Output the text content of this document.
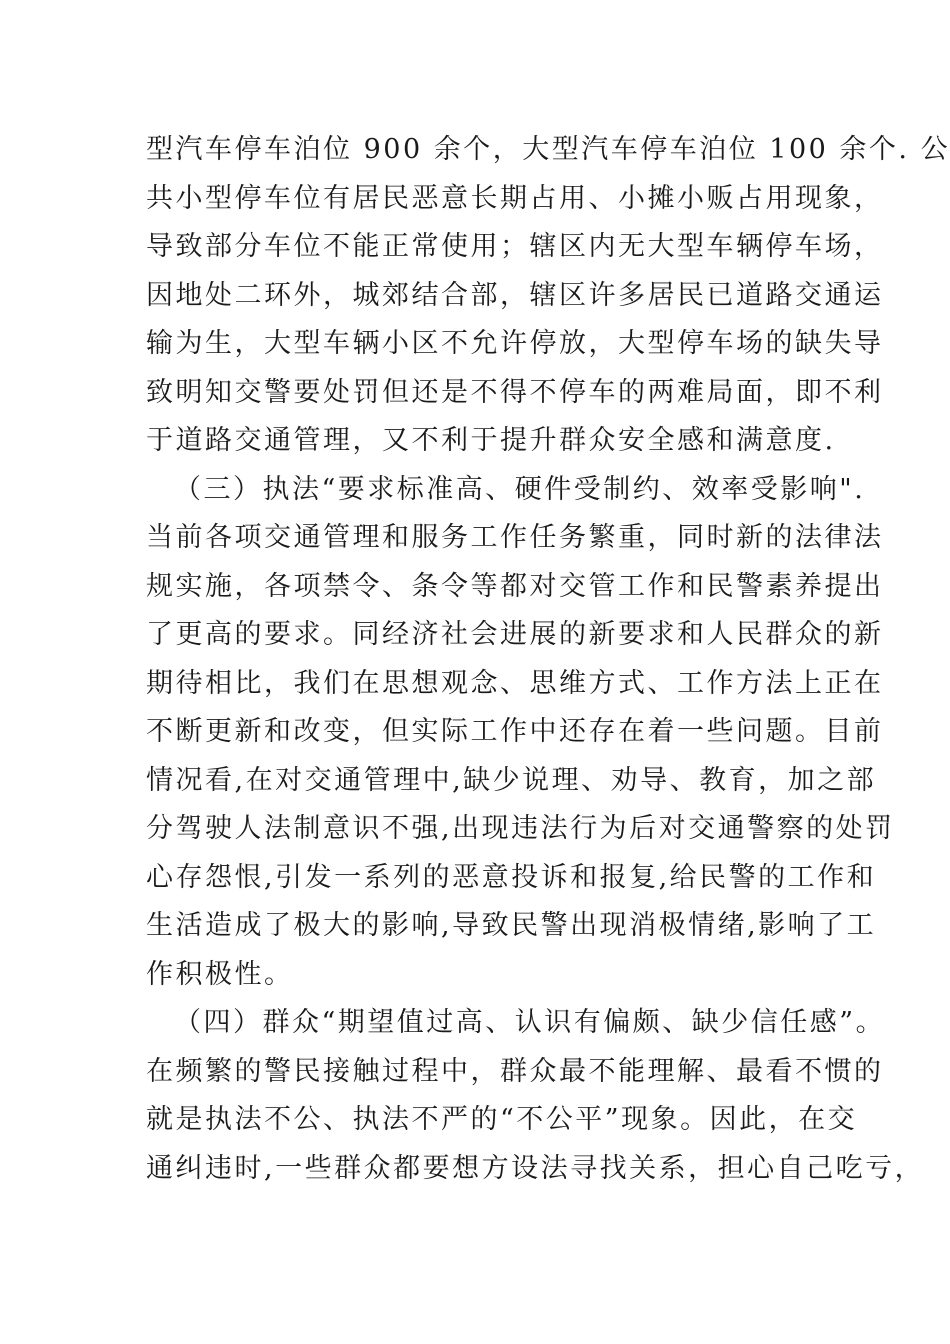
型汽车停车泊位 900 余个，大型汽车停车泊位 100 余个. 公
共小型停车位有居民恶意长期占用、小摊小贩占用现象，
导致部分车位不能正常使用；辖区内无大型车辆停车场，
因地处二环外，城郊结合部，辖区许多居民已道路交通运
输为生，大型车辆小区不允许停放，大型停车场的缺失导
致明知交警要处罚但还是不得不停车的两难局面，即不利
于道路交通管理，又不利于提升群众安全感和满意度.
（三）执法“要求标准高、硬件受制约、效率受影响".
当前各项交通管理和服务工作任务繁重，同时新的法律法
规实施，各项禁令、条令等都对交管工作和民警素养提出
了更高的要求。同经济社会进展的新要求和人民群众的新
期待相比，我们在思想观念、思维方式、工作方法上正在
不断更新和改变，但实际工作中还存在着一些问题。目前
情况看,在对交通管理中,缺少说理、劝导、教育，加之部
分驾驶人法制意识不强,出现违法行为后对交通警察的处罚
心存怨恨,引发一系列的恶意投诉和报复,给民警的工作和
生活造成了极大的影响,导致民警出现消极情绪,影响了工
作积极性。
（四）群众“期望值过高、认识有偏颇、缺少信任感”。
在频繁的警民接触过程中，群众最不能理解、最看不惯的
就是执法不公、执法不严的“不公平”现象。因此，在交
通纠违时,一些群众都要想方设法寻找关系，担心自己吃亏，
